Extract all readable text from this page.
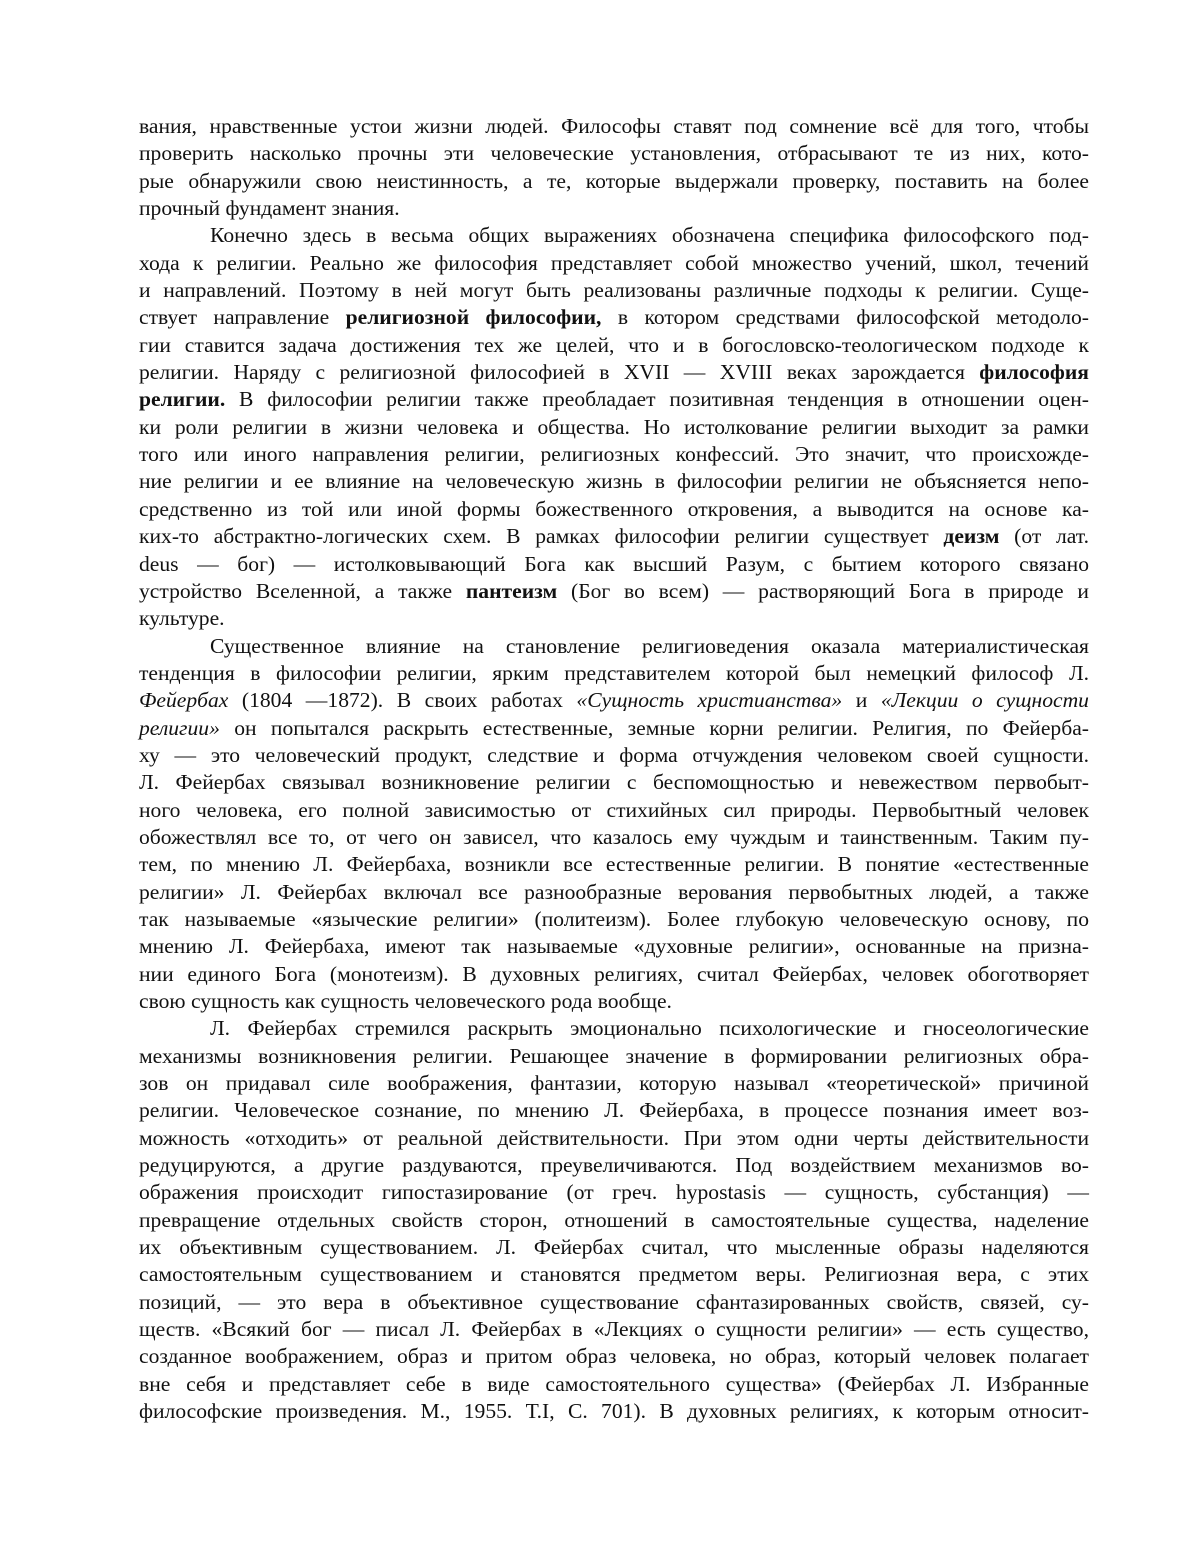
вания, нравственные устои жизни людей. Философы ставят под сомнение всё для того, чтобы
проверить насколько прочны эти человеческие установления, отбрасывают те из них, кото-
рые обнаружили свою неистинность, а те, которые выдержали проверку, поставить на более
прочный фундамент знания.
Конечно здесь в весьма общих выражениях обозначена специфика философского под-
хода к религии. Реально же философия представляет собой множество учений, школ, течений
и направлений. Поэтому в ней могут быть реализованы различные подходы к религии. Суще-
ствует направление религиозной философии, в котором средствами философской методоло-
гии ставится задача достижения тех же целей, что и в богословско-теологическом подходе к
религии. Наряду с религиозной философией в XVII — XVIII веках зарождается философия
религии. В философии религии также преобладает позитивная тенденция в отношении оцен-
ки роли религии в жизни человека и общества. Но истолкование религии выходит за рамки
того или иного направления религии, религиозных конфессий. Это значит, что происхожде-
ние религии и ее влияние на человеческую жизнь в философии религии не объясняется непо-
средственно из той или иной формы божественного откровения, а выводится на основе ка-
ких-то абстрактно-логических схем. В рамках философии религии существует деизм (от лат.
deus — бог) — истолковывающий Бога как высший Разум, с бытием которого связано
устройство Вселенной, а также пантеизм (Бог во всем) — растворяющий Бога в природе и
культуре.
Существенное влияние на становление религиоведения оказала материалистическая
тенденция в философии религии, ярким представителем которой был немецкий философ Л.
Фейербах (1804 —1872). В своих работах «Сущность христианства» и «Лекции о сущности
религии» он попытался раскрыть естественные, земные корни религии. Религия, по Фейерба-
ху — это человеческий продукт, следствие и форма отчуждения человеком своей сущности.
Л. Фейербах связывал возникновение религии с беспомощностью и невежеством первобыт-
ного человека, его полной зависимостью от стихийных сил природы. Первобытный человек
обожествлял все то, от чего он зависел, что казалось ему чуждым и таинственным. Таким пу-
тем, по мнению Л. Фейербаха, возникли все естественные религии. В понятие «естественные
религии» Л. Фейербах включал все разнообразные верования первобытных людей, а также
так называемые «языческие религии» (политеизм). Более глубокую человеческую основу, по
мнению Л. Фейербаха, имеют так называемые «духовные религии», основанные на призна-
нии единого Бога (монотеизм). В духовных религиях, считал Фейербах, человек обоготворяет
свою сущность как сущность человеческого рода вообще.
Л. Фейербах стремился раскрыть эмоционально психологические и гносеологические
механизмы возникновения религии. Решающее значение в формировании религиозных обра-
зов он придавал силе воображения, фантазии, которую называл «теоретической» причиной
религии. Человеческое сознание, по мнению Л. Фейербаха, в процессе познания имеет воз-
можность «отходить» от реальной действительности. При этом одни черты действительности
редуцируются, а другие раздуваются, преувеличиваются. Под воздействием механизмов во-
ображения происходит гипостазирование (от греч. hypostasis — сущность, субстанция) —
превращение отдельных свойств сторон, отношений в самостоятельные существа, наделение
их объективным существованием. Л. Фейербах считал, что мысленные образы наделяются
самостоятельным существованием и становятся предметом веры. Религиозная вера, с этих
позиций, — это вера в объективное существование сфантазированных свойств, связей, су-
ществ. «Всякий бог — писал Л. Фейербах в «Лекциях о сущности религии» — есть существо,
созданное воображением, образ и притом образ человека, но образ, который человек полагает
вне себя и представляет себе в виде самостоятельного существа» (Фейербах Л. Избранные
философские произведения. М., 1955. Т.I, С. 701). В духовных религиях, к которым относит-
